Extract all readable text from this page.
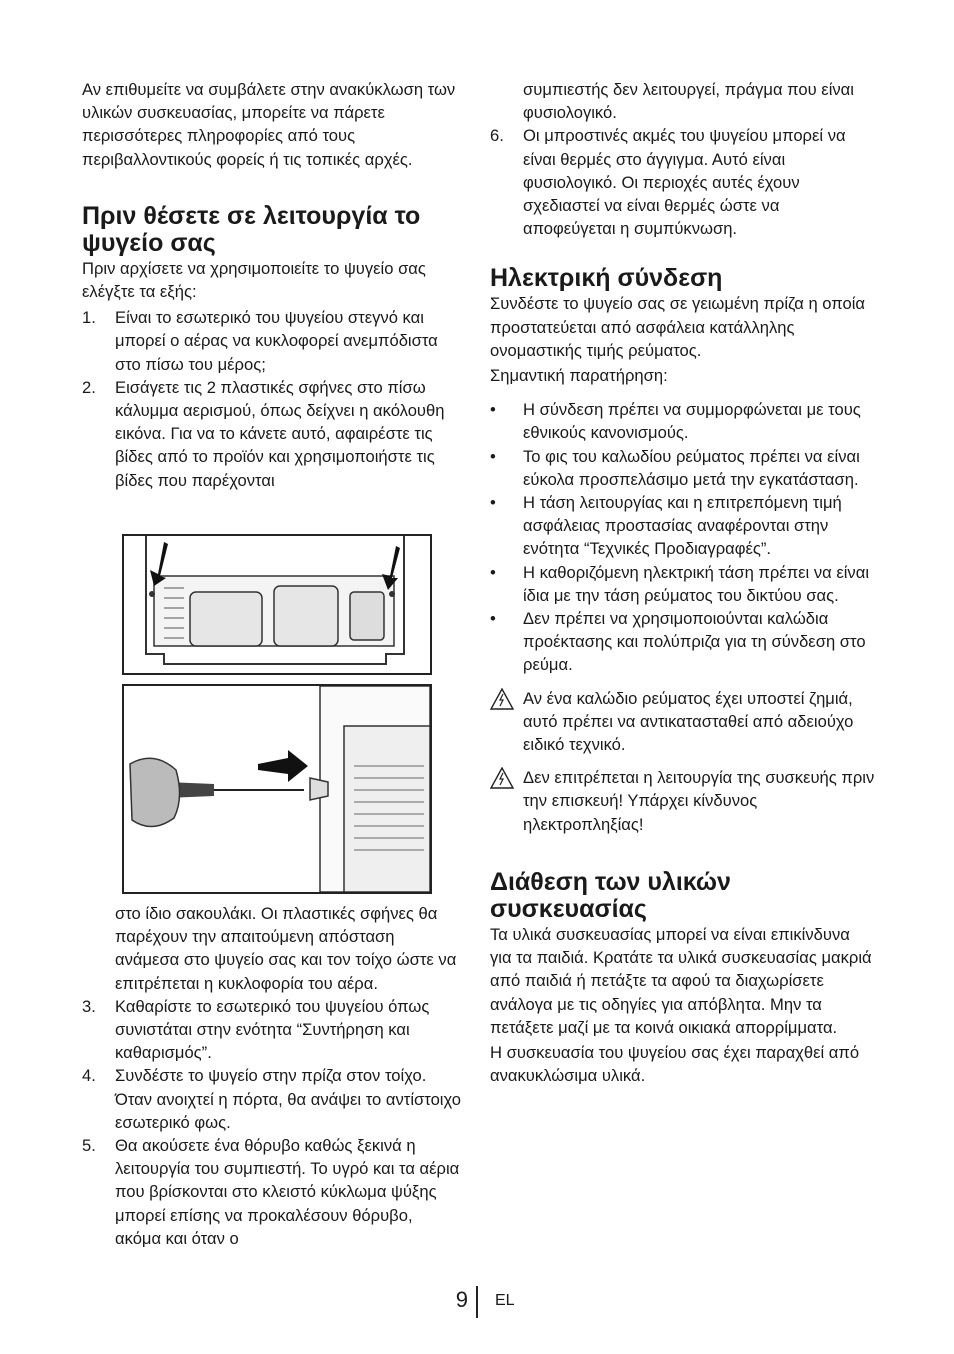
Αν επιθυμείτε να συμβάλετε στην ανακύκλωση των υλικών συσκευασίας, μπορείτε να πάρετε περισσότερες πληροφορίες από τους περιβαλλοντικούς φορείς ή τις τοπικές αρχές.

Πριν θέσετε σε λειτουργία το ψυγείο σας

Πριν αρχίσετε να χρησιμοποιείτε το ψυγείο σας ελέγξτε τα εξής:

1. Είναι το εσωτερικό του ψυγείου στεγνό και μπορεί ο αέρας να κυκλοφορεί ανεμπόδιστα στο πίσω του μέρος;
2. Εισάγετε τις 2 πλαστικές σφήνες στο πίσω κάλυμμα αερισμού, όπως δείχνει η ακόλουθη εικόνα. Για να το κάνετε αυτό, αφαιρέστε τις βίδες από το προϊόν και χρησιμοποιήστε τις βίδες που παρέχονται

στο ίδιο σακουλάκι. Οι πλαστικές σφήνες θα παρέχουν την απαιτούμενη απόσταση ανάμεσα στο ψυγείο σας και τον τοίχο ώστε να επιτρέπεται η κυκλοφορία του αέρα.

3. Καθαρίστε το εσωτερικό του ψυγείου όπως συνιστάται στην ενότητα “Συντήρηση και καθαρισμός”.
4. Συνδέστε το ψυγείο στην πρίζα στον τοίχο. Όταν ανοιχτεί η πόρτα, θα ανάψει το αντίστοιχο εσωτερικό φως.
5. Θα ακούσετε ένα θόρυβο καθώς ξεκινά η λειτουργία του συμπιεστή. Το υγρό και τα αέρια που βρίσκονται στο κλειστό κύκλωμα ψύξης μπορεί επίσης να προκαλέσουν θόρυβο, ακόμα και όταν ο

συμπιεστής δεν λειτουργεί, πράγμα που είναι φυσιολογικό.

6. Οι μπροστινές ακμές του ψυγείου μπορεί να είναι θερμές στο άγγιγμα. Αυτό είναι φυσιολογικό. Οι περιοχές αυτές έχουν σχεδιαστεί να είναι θερμές ώστε να αποφεύγεται η συμπύκνωση.
Ηλεκτρική σύνδεση

Συνδέστε το ψυγείο σας σε γειωμένη πρίζα η οποία προστατεύεται από ασφάλεια κατάλληλης ονομαστικής τιμής ρεύματος.

Σημαντική παρατήρηση:

• Η σύνδεση πρέπει να συμμορφώνεται με τους εθνικούς κανονισμούς.
• Το φις του καλωδίου ρεύματος πρέπει να είναι εύκολα προσπελάσιμο μετά την εγκατάσταση.
• Η τάση λειτουργίας και η επιτρεπόμενη τιμή ασφάλειας προστασίας αναφέρονται στην ενότητα “Τεχνικές Προδιαγραφές”.
• Η καθοριζόμενη ηλεκτρική τάση πρέπει να είναι ίδια με την τάση ρεύματος του δικτύου σας.
• Δεν πρέπει να χρησιμοποιούνται καλώδια προέκτασης και πολύπριζα για τη σύνδεση στο ρεύμα.

Αν ένα καλώδιο ρεύματος έχει υποστεί ζημιά, αυτό πρέπει να αντικατασταθεί από αδειούχο ειδικό τεχνικό.

Δεν επιτρέπεται η λειτουργία της συσκευής πριν την επισκευή! Υπάρχει κίνδυνος ηλεκτροπληξίας!

Διάθεση των υλικών συσκευασίας

Τα υλικά συσκευασίας μπορεί να είναι επικίνδυνα για τα παιδιά. Κρατάτε τα υλικά συσκευασίας μακριά από παιδιά ή πετάξτε τα αφού τα διαχωρίσετε ανάλογα με τις οδηγίες για απόβλητα. Μην τα πετάξετε μαζί με τα κοινά οικιακά απορρίμματα.

Η συσκευασία του ψυγείου σας έχει παραχθεί από ανακυκλώσιμα υλικά.

9 EL
